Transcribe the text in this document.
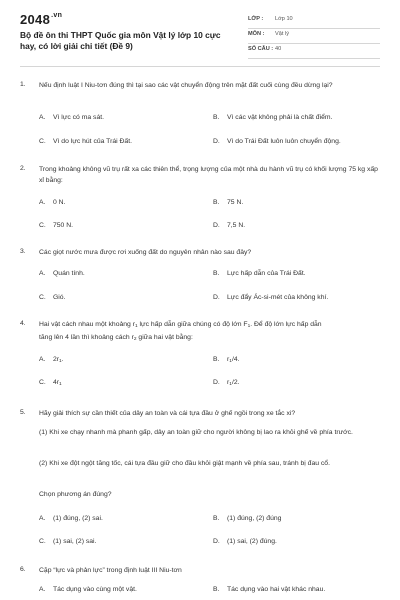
$2048^{.vn}$
Bộ đề ôn thi THPT Quốc gia môn Vật lý lớp 10 cực hay, có lời giải chi tiết (Đề 9)
LỚP : Lớp 10
MÔN : Vật lý
SỐ CÂU : 40
1. Nếu định luật I Niu-tơn đúng thì tại sao các vật chuyển động trên mặt đất cuối cùng đều dừng lại?
A. Vì lực có ma sát.	B. Vì các vật không phải là chất điểm.
C. Vì do lực hút của Trái Đất.	D. Vì do Trái Đất luôn luôn chuyển động.
2. Trong khoảng không vũ trụ rất xa các thiên thể, trọng lượng của một nhà du hành vũ trụ có khối lượng 75 kg xấp xỉ bằng:
A. 0 N.	B. 75 N.
C. 750 N.	D. 7,5 N.
3. Các giọt nước mưa được rơi xuống đất do nguyên nhân nào sau đây?
A. Quán tính.	B. Lực hấp dẫn của Trái Đất.
C. Gió.	D. Lực đẩy Ác-si-mét của không khí.
4. Hai vật cách nhau một khoảng $r_1$ lực hấp dẫn giữa chúng có độ lớn $F_1$. Để độ lớn lực hấp dẫn
tăng lên 4 lần thì khoảng cách $r_2$ giữa hai vật bằng:
A. $2r_1$.	B. $r_1/4$.
C. $4r_1$	D. $r_1/2$.
5. Hãy giải thích sự cần thiết của dây an toàn và cái tựa đầu ở ghế ngồi trong xe tắc xi?
(1) Khi xe chạy nhanh mà phanh gấp, dây an toàn giữ cho người không bị lao ra khỏi ghế về phía trước.
(2) Khi xe đột ngột tăng tốc, cái tựa đầu giữ cho đầu khỏi giật mạnh về phía sau, tránh bị đau cổ.
Chọn phương án đúng?
A. (1) đúng, (2) sai.	B. (1) đúng, (2) đúng
C. (1) sai, (2) sai.	D. (1) sai, (2) đúng.
6. Cặp “lực và phản lực” trong định luật III Niu-tơn
A. Tác dụng vào cùng một vật.	B. Tác dụng vào hai vật khác nhau.
